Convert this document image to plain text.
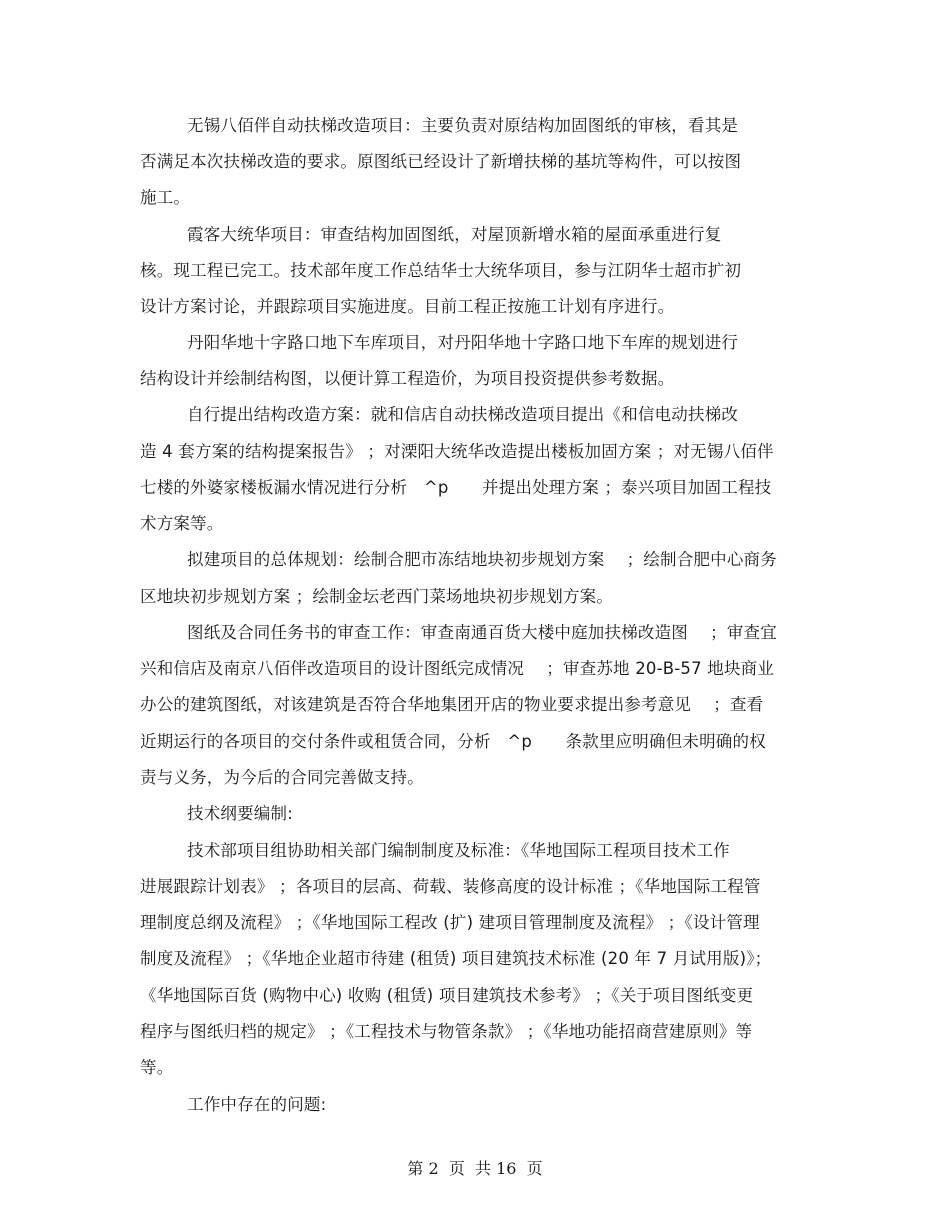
无锡八佰伴自动扶梯改造项目：主要负责对原结构加固图纸的审核，看其是
否满足本次扶梯改造的要求。原图纸已经设计了新增扶梯的基坑等构件，可以按图
施工。
霞客大统华项目：审查结构加固图纸，对屋顶新增水箱的屋面承重进行复
核。现工程已完工。技术部年度工作总结华士大统华项目，参与江阴华士超市扩初
设计方案讨论，并跟踪项目实施进度。目前工程正按施工计划有序进行。
丹阳华地十字路口地下车库项目，对丹阳华地十字路口地下车库的规划进行
结构设计并绘制结构图，以便计算工程造价，为项目投资提供参考数据。
自行提出结构改造方案：就和信店自动扶梯改造项目提出《和信电动扶梯改
造 4 套方案的结构提案报告》 ；对溧阳大统华改造提出楼板加固方案 ；对无锡八佰伴
七楼的外婆家楼板漏水情况进行分析　^p　　并提出处理方案 ；泰兴项目加固工程技
术方案等。
拟建项目的总体规划：绘制合肥市冻结地块初步规划方案　 ；绘制合肥中心商务
区地块初步规划方案 ；绘制金坛老西门菜场地块初步规划方案。
图纸及合同任务书的审查工作：审查南通百货大楼中庭加扶梯改造图　 ；审查宜
兴和信店及南京八佰伴改造项目的设计图纸完成情况　 ；审查苏地 20-B-57 地块商业
办公的建筑图纸，对该建筑是否符合华地集团开店的物业要求提出参考意见　 ；查看
近期运行的各项目的交付条件或租赁合同，分析　^p　　条款里应明确但未明确的权
责与义务，为今后的合同完善做支持。
技术纲要编制:
技术部项目组协助相关部门编制制度及标准：《华地国际工程项目技术工作
进展跟踪计划表》 ；各项目的层高、荷载、装修高度的设计标准 ；《华地国际工程管
理制度总纲及流程》 ；《华地国际工程改 (扩) 建项目管理制度及流程》 ；《设计管理
制度及流程》 ；《华地企业超市待建 (租赁) 项目建筑技术标准 (20 年 7 月试用版)》；
《华地国际百货 (购物中心) 收购 (租赁) 项目建筑技术参考》 ；《关于项目图纸变更
程序与图纸归档的规定》 ；《工程技术与物管条款》 ；《华地功能招商营建原则》等
等。
工作中存在的问题:
第 2  页  共 16  页
